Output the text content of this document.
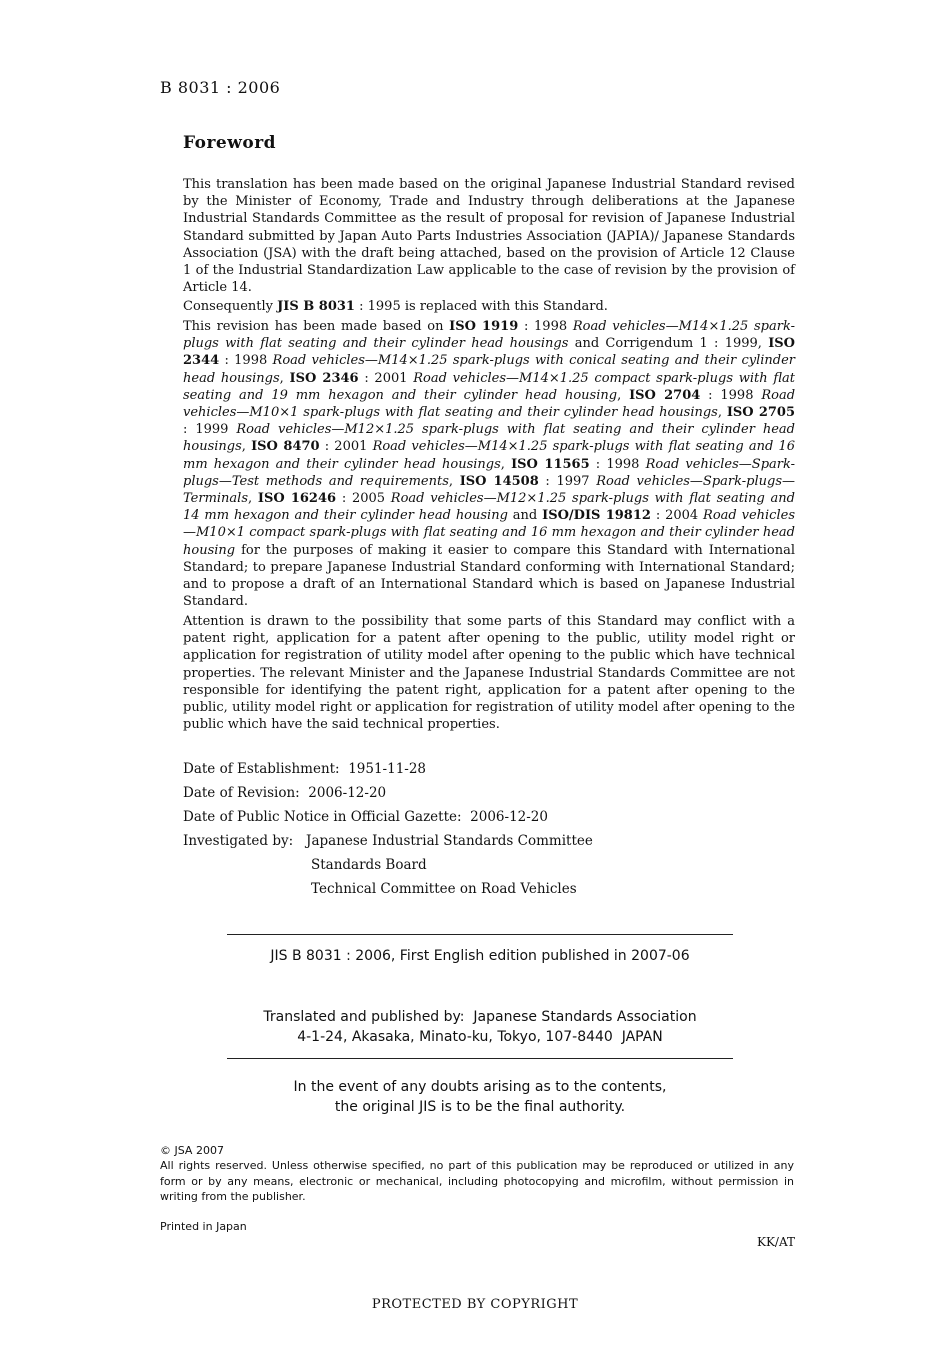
B 8031 : 2006
Foreword

This translation has been made based on the original Japanese Industrial Standard revised by the Minister of Economy, Trade and Industry through deliberations at the Japanese Industrial Standards Committee as the result of proposal for revision of Japanese Industrial Standard submitted by Japan Auto Parts Industries Association (JAPIA)/ Japanese Standards Association (JSA) with the draft being attached, based on the provision of Article 12 Clause 1 of the Industrial Standardization Law applicable to the case of revision by the provision of Article 14.

Consequently JIS B 8031 : 1995 is replaced with this Standard.

This revision has been made based on ISO 1919 : 1998 Road vehicles—M14×1.25 spark-plugs with flat seating and their cylinder head housings and Corrigendum 1 : 1999, ISO 2344 : 1998 Road vehicles—M14×1.25 spark-plugs with conical seating and their cylinder head housings, ISO 2346 : 2001 Road vehicles—M14×1.25 compact spark-plugs with flat seating and 19 mm hexagon and their cylinder head housing, ISO 2704 : 1998 Road vehicles—M10×1 spark-plugs with flat seating and their cylinder head housings, ISO 2705 : 1999 Road vehicles—M12×1.25 spark-plugs with flat seating and their cylinder head housings, ISO 8470 : 2001 Road vehicles—M14×1.25 spark-plugs with flat seating and 16 mm hexagon and their cylinder head housings, ISO 11565 : 1998 Road vehicles—Spark-plugs—Test methods and requirements, ISO 14508 : 1997 Road vehicles—Spark-plugs—Terminals, ISO 16246 : 2005 Road vehicles—M12×1.25 spark-plugs with flat seating and 14 mm hexagon and their cylinder head housing and ISO/DIS 19812 : 2004 Road vehicles—M10×1 compact spark-plugs with flat seating and 16 mm hexagon and their cylinder head housing for the purposes of making it easier to compare this Standard with International Standard; to prepare Japanese Industrial Standard conforming with International Standard; and to propose a draft of an International Standard which is based on Japanese Industrial Standard.

Attention is drawn to the possibility that some parts of this Standard may conflict with a patent right, application for a patent after opening to the public, utility model right or application for registration of utility model after opening to the public which have technical properties. The relevant Minister and the Japanese Industrial Standards Committee are not responsible for identifying the patent right, application for a patent after opening to the public, utility model right or application for registration of utility model after opening to the public which have the said technical properties.

Date of Establishment:  1951-11-28
Date of Revision:  2006-12-20
Date of Public Notice in Official Gazette:  2006-12-20
Investigated by:   Japanese Industrial Standards Committee
Standards Board
Technical Committee on Road Vehicles
JIS B 8031 : 2006, First English edition published in 2007-06
Translated and published by:  Japanese Standards Association
4-1-24, Akasaka, Minato-ku, Tokyo, 107-8440  JAPAN
In the event of any doubts arising as to the contents,
the original JIS is to be the final authority.
© JSA 2007
All rights reserved. Unless otherwise specified, no part of this publication may be reproduced or utilized in any form or by any means, electronic or mechanical, including photocopying and microfilm, without permission in writing from the publisher.
Printed in Japan
KK/AT
PROTECTED BY COPYRIGHT
